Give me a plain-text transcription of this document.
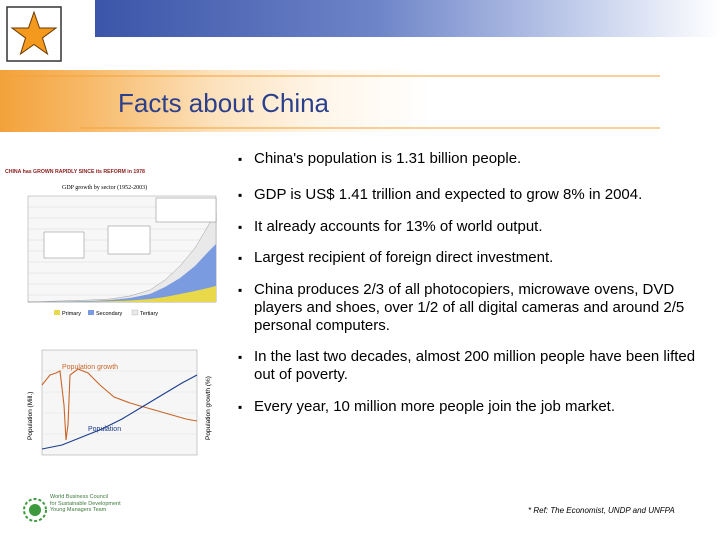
Facts about China
CHINA has GROWN RAPIDLY SINCE its REFORM in 1978
GDP growth by sector (1952-2003)
Primary	Secondary	Tertiary
Population growth
Population
Population (Mill.)	Population growth (%)

▪ China's population is 1.31 billion people.

▪ GDP is US$ 1.41 trillion and expected to grow 8% in 2004.

▪ It already accounts for 13% of world output.

▪ Largest recipient of foreign direct investment.

▪ China produces 2/3 of all photocopiers, microwave ovens, DVD players and shoes, over 1/2 of all digital cameras and around 2/5 personal computers.

▪ In the last two decades, almost 200 million people have been lifted out of poverty.

▪ Every year, 10 million more people join the job market.

World Business Council
for Sustainable Development
Young Managers Team	* Ref: The Economist, UNDP and UNFPA
